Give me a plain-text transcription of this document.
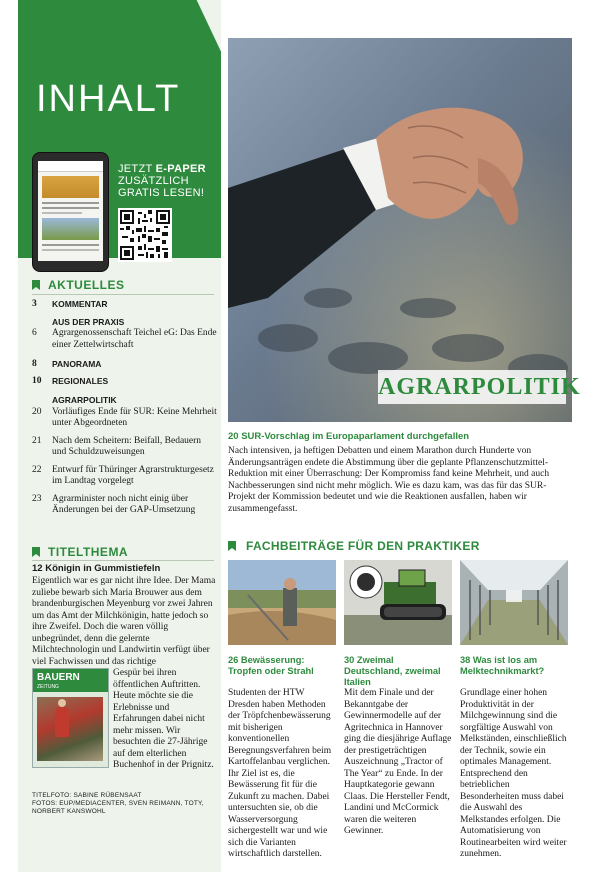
INHALT
JETZT E-PAPER
ZUSÄTZLICH
GRATIS LESEN!
AKTUELLES
3	KOMMENTAR
AUS DER PRAXIS
6	Agrargenossenschaft Teichel eG: Das Ende einer Zettelwirtschaft
8	PANORAMA
10	REGIONALES
AGRARPOLITIK
20	Vorläufiges Ende für SUR: Keine Mehrheit unter Abgeordneten
21	Nach dem Scheitern: Beifall, Bedauern und Schuldzuweisungen
22	Entwurf für Thüringer Agrarstrukturgesetz im Landtag vorgelegt
23	Agrarminister noch nicht einig über Änderungen bei der GAP-Umsetzung
TITELTHEMA
12 Königin in Gummistiefeln
Eigentlich war es gar nicht ihre Idee. Der Mama zuliebe bewarb sich Maria Brouwer aus dem brandenburgischen Meyenburg vor zwei Jahren um das Amt der Milchkönigin, hatte jedoch so ihre Zweifel. Doch die waren völlig unbegründet, denn die gelernte Milchtechnologin und Landwirtin verfügt über viel Fachwissen und das richtige
BAUERN
ZEITUNG
Gespür bei ihren öffentlichen Auftritten. Heute möchte sie die Erlebnisse und Erfahrungen dabei nicht mehr missen. Wir besuchten die 27-Jährige auf dem elterlichen Buchenhof in der Prignitz.
TITELFOTO: SABINE RÜBENSAAT
FOTOS: EUP/MEDIACENTER, SVEN REIMANN, TOTY, NORBERT KANSWOHL
AGRARPOLITIK
20 SUR-Vorschlag im Europaparlament durchgefallen
Nach intensiven, ja heftigen Debatten und einem Marathon durch Hunderte von Änderungsanträgen endete die Abstimmung über die geplante Pflanzenschutzmittel-Reduktion mit einer Überraschung: Der Kompromiss fand keine Mehrheit, und auch Nachbesserungen sind nicht mehr möglich. Wie es dazu kam, was das für das SUR-Projekt der Kommission bedeutet und wie die Reaktionen ausfallen, haben wir zusammengefasst.
FACHBEITRÄGE FÜR DEN PRAKTIKER
26 Bewässerung: Tropfen oder Strahl
30 Zweimal Deutschland, zweimal Italien
38 Was ist los am Melktechnikmarkt?
Studenten der HTW Dresden haben Methoden der Tröpfchenbewässerung mit bisherigen konventionellen Beregnungsverfahren beim Kartoffelanbau verglichen. Ihr Ziel ist es, die Bewässerung fit für die Zukunft zu machen. Dabei untersuchten sie, ob die Wasserversorgung sichergestellt war und wie sich die Varianten wirtschaftlich darstellen.
Mit dem Finale und der Bekanntgabe der Gewinnermodelle auf der Agritechnica in Hannover ging die diesjährige Auflage der prestigeträchtigen Auszeichnung „Tractor of The Year“ zu Ende. In der Hauptkategorie gewann Claas. Die Hersteller Fendt, Landini und McCormick waren die weiteren Gewinner.
Grundlage einer hohen Produktivität in der Milchgewinnung sind die sorgfältige Auswahl von Melkständen, einschließlich der Technik, sowie ein optimales Management. Entsprechend den betrieblichen Besonderheiten muss dabei die Auswahl des Melkstandes erfolgen. Die Automatisierung von Routinearbeiten wird weiter zunehmen.
